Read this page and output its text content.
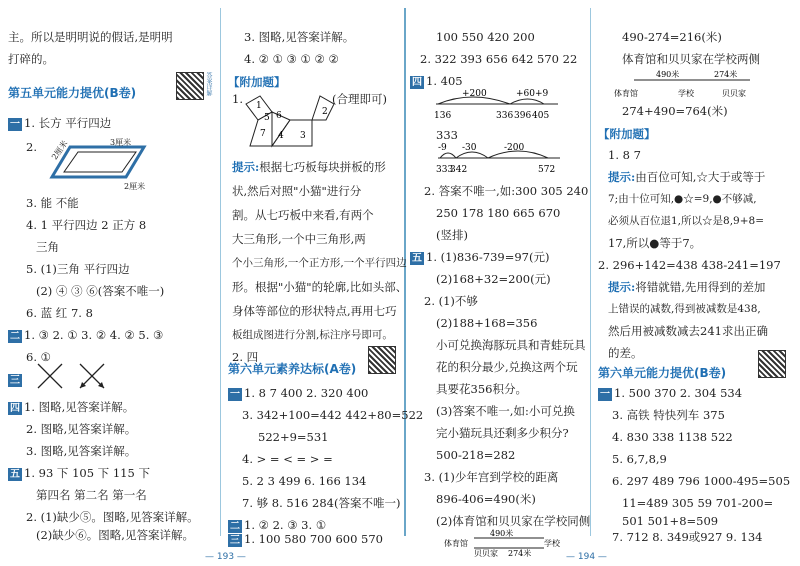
主。所以是明明说的假话,是明明
打碎的。
第五单元能力提优(B卷)	答案详解
一 1. 长方 平行四边
2. 2厘米	3厘米
2厘米
3. 能 不能
4. 1 平行四边 2 正方 8
三角
5. (1)三角 平行四边
(2) ④ ③ ⑥(答案不唯一)
6. 蓝 红 7. 8
二 1. ③ 2. ① 3. ② 4. ② 5. ③
6. ①
三
四 1. 图略,见答案详解。
2. 图略,见答案详解。
3. 图略,见答案详解。
五 1. 93 下 105 下 115 下
第四名 第二名 第一名
2. (1)缺少⑤。图略,见答案详解。
(2)缺少⑥。图略,见答案详解。
— 193 —
3. 图略,见答案详解。
4. ② ① ③ ① ② ②
【附加题】
1. 1
5 6
7 4 3
2
(合理即可)
提示:根据七巧板每块拼板的形
状,然后对照"小猫"进行分
割。从七巧板中来看,有两个
大三角形,一个中三角形,两
个小三角形,一个正方形,一个平行四边
形。根据"小猫"的轮廓,比如头部、
身体等部位的形状特点,再用七巧
板组成图进行分割,标注序号即可。
2. 四
第六单元素养达标(A卷)
一 1. 8 7 400 2. 320 400
3. 342+100=442 442+80=522
522+9=531
4. > = < = > =
5. 2 3 499 6. 166 134
7. 够 8. 516 284(答案不唯一)
二 1. ② 2. ③ 3. ①
三 1. 100 580 700 600 570
100 550 420 200
2. 322 393 656 642 570 22
四 1. 405
+200	+60+9
136	336 396 405
333
-9 -30	-200
333
342	572
2. 答案不唯一,如:300 305 240
250 178 180 665 670
(竖排)
五 1. (1)836-739=97(元)
(2)168+32=200(元)
2. (1)不够
(2)188+168=356
小可兑换海豚玩具和青蛙玩具
花的积分最少,兑换这两个玩
具要花356积分。
(3)答案不唯一,如:小可兑换
完小猫玩具还剩多少积分?
500-218=282
3. (1)少年宫到学校的距离
896-406=490(米)
(2)体育馆和贝贝家在学校同侧
490米
体育馆	学校
贝贝家 274米	— 194 —
490-274=216(米)
体育馆和贝贝家在学校两侧
490米	274米
体育馆	学校	贝贝家
274+490=764(米)
【附加题】
1. 8 7
提示:由百位可知,☆大于或等于
7;由十位可知,●☆=9,●不够减,
必须从百位退1,所以☆是8,9+8=
17,所以●等于7。
2. 296+142=438 438-241=197
提示:将错就错,先用得到的差加
上错误的减数,得到被减数是438,
然后用被减数减去241求出正确
的差。
第六单元能力提优(B卷)
一 1. 500 370 2. 304 534
3. 高铁 特快列车 375
4. 830 338 1138 522
5. 6,7,8,9
6. 297 489 796 1000-495=505
11=489 305 59 701-200=
501 501+8=509
7. 712 8. 349或927 9. 134
